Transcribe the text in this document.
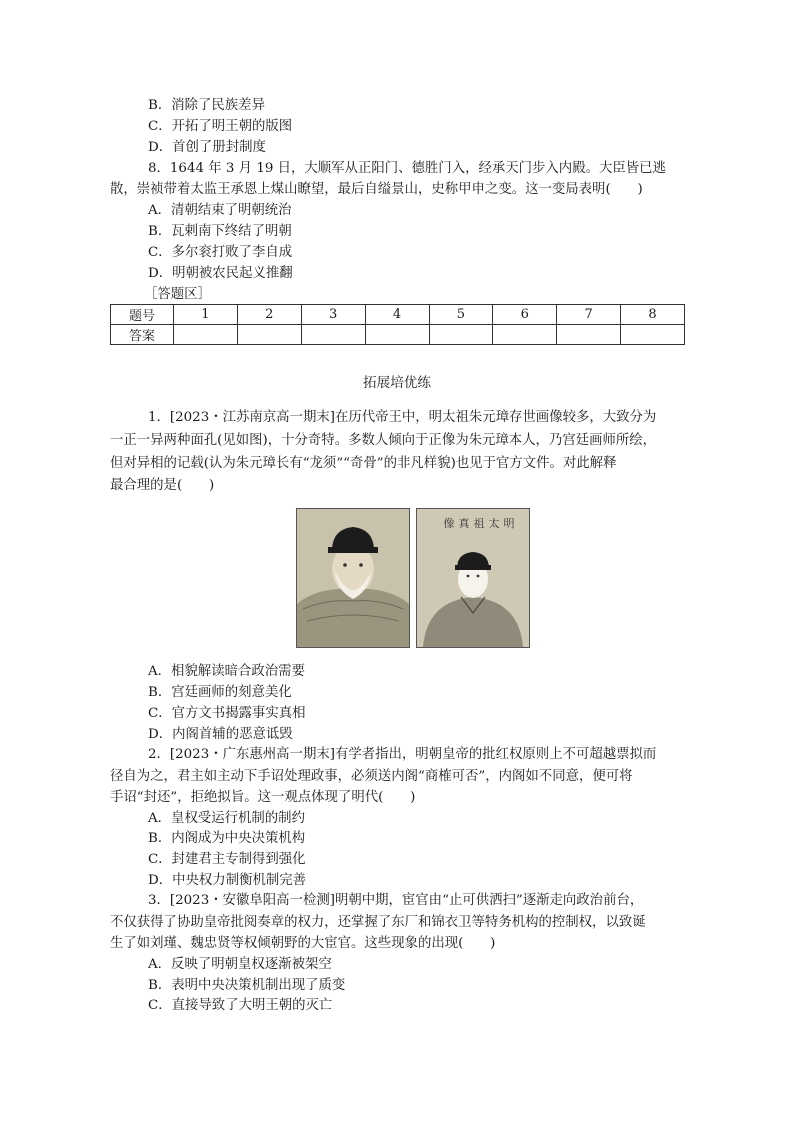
B．消除了民族差异
C．开拓了明王朝的版图
D．首创了册封制度
8．1644 年 3 月 19 日，大顺军从正阳门、德胜门入，经承天门步入内殿。大臣皆已逃
散，崇祯带着太监王承恩上煤山瞭望，最后自缢景山，史称甲申之变。这一变局表明(　　)
A．清朝结束了明朝统治
B．瓦剌南下终结了明朝
C．多尔衮打败了李自成
D．明朝被农民起义推翻
［答题区］
题号	1	2	3	4	5	6	7	8
答案								
拓展培优练
1．[2023・江苏南京高一期末]在历代帝王中，明太祖朱元璋存世画像较多，大致分为
一正一异两种面孔(见如图)，十分奇特。多数人倾向于正像为朱元璋本人，乃宫廷画师所绘，
但对异相的记载(认为朱元璋长有“龙须”“奇骨”的非凡样貌)也见于官方文件。对此解释
最合理的是(　　)
像真祖太明
A．相貌解读暗合政治需要
B．宫廷画师的刻意美化
C．官方文书揭露事实真相
D．内阁首辅的恶意诋毁
2．[2023・广东惠州高一期末]有学者指出，明朝皇帝的批红权原则上不可超越票拟而
径自为之，君主如主动下手诏处理政事，必须送内阁“商榷可否”，内阁如不同意，便可将
手诏“封还”，拒绝拟旨。这一观点体现了明代(　　)
A．皇权受运行机制的制约
B．内阁成为中央决策机构
C．封建君主专制得到强化
D．中央权力制衡机制完善
3．[2023・安徽阜阳高一检测]明朝中期，宦官由“止可供洒扫”逐渐走向政治前台，
不仅获得了协助皇帝批阅奏章的权力，还掌握了东厂和锦衣卫等特务机构的控制权，以致诞
生了如刘瑾、魏忠贤等权倾朝野的大宦官。这些现象的出现(　　)
A．反映了明朝皇权逐渐被架空
B．表明中央决策机制出现了质变
C．直接导致了大明王朝的灭亡
